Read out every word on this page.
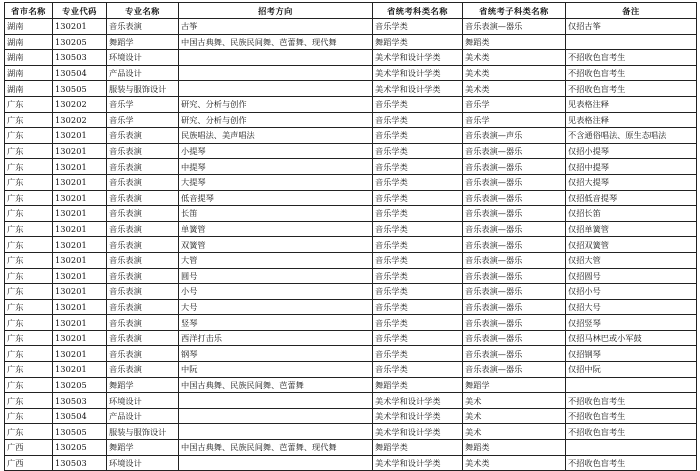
省市名称	专业代码	专业名称	招考方向	省统考科类名称	省统考子科类名称	备注
湖南	130201	音乐表演	古筝	音乐学类	音乐表演—器乐	仅招古筝
湖南	130205	舞蹈学	中国古典舞、民族民间舞、芭蕾舞、现代舞	舞蹈学类	舞蹈类	
湖南	130503	环境设计		美术学和设计学类	美术类	不招收色盲考生
湖南	130504	产品设计		美术学和设计学类	美术类	不招收色盲考生
湖南	130505	服装与服饰设计		美术学和设计学类	美术类	不招收色盲考生
广东	130202	音乐学	研究、分析与创作	音乐学类	音乐学	见表格注释
广东	130202	音乐学	研究、分析与创作	音乐学类	音乐学	见表格注释
广东	130201	音乐表演	民族唱法、美声唱法	音乐学类	音乐表演—声乐	不含通俗唱法、原生态唱法
广东	130201	音乐表演	小提琴	音乐学类	音乐表演—器乐	仅招小提琴
广东	130201	音乐表演	中提琴	音乐学类	音乐表演—器乐	仅招中提琴
广东	130201	音乐表演	大提琴	音乐学类	音乐表演—器乐	仅招大提琴
广东	130201	音乐表演	低音提琴	音乐学类	音乐表演—器乐	仅招低音提琴
广东	130201	音乐表演	长笛	音乐学类	音乐表演—器乐	仅招长笛
广东	130201	音乐表演	单簧管	音乐学类	音乐表演—器乐	仅招单簧管
广东	130201	音乐表演	双簧管	音乐学类	音乐表演—器乐	仅招双簧管
广东	130201	音乐表演	大管	音乐学类	音乐表演—器乐	仅招大管
广东	130201	音乐表演	圆号	音乐学类	音乐表演—器乐	仅招圆号
广东	130201	音乐表演	小号	音乐学类	音乐表演—器乐	仅招小号
广东	130201	音乐表演	大号	音乐学类	音乐表演—器乐	仅招大号
广东	130201	音乐表演	竖琴	音乐学类	音乐表演—器乐	仅招竖琴
广东	130201	音乐表演	西洋打击乐	音乐学类	音乐表演—器乐	仅招马林巴或小军鼓
广东	130201	音乐表演	钢琴	音乐学类	音乐表演—器乐	仅招钢琴
广东	130201	音乐表演	中阮	音乐学类	音乐表演—器乐	仅招中阮
广东	130205	舞蹈学	中国古典舞、民族民间舞、芭蕾舞	舞蹈学类	舞蹈学	
广东	130503	环境设计		美术学和设计学类	美术	不招收色盲考生
广东	130504	产品设计		美术学和设计学类	美术	不招收色盲考生
广东	130505	服装与服饰设计		美术学和设计学类	美术	不招收色盲考生
广西	130205	舞蹈学	中国古典舞、民族民间舞、芭蕾舞、现代舞	舞蹈学类	舞蹈类	
广西	130503	环境设计		美术学和设计学类	美术类	不招收色盲考生
